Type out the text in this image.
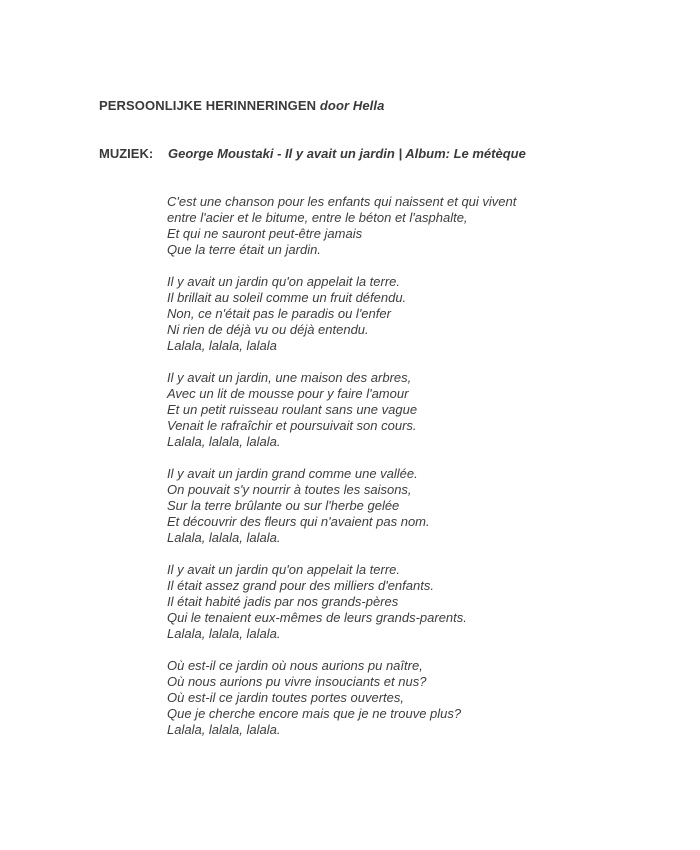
PERSOONLIJKE HERINNERINGEN door Hella
MUZIEK: George Moustaki - Il y avait un jardin | Album: Le métèque
C'est une chanson pour les enfants qui naissent et qui vivent
entre l'acier et le bitume, entre le béton et l'asphalte,
Et qui ne sauront peut-être jamais
Que la terre était un jardin.
Il y avait un jardin qu'on appelait la terre.
Il brillait au soleil comme un fruit défendu.
Non, ce n'était pas le paradis ou l'enfer
Ni rien de déjà vu ou déjà entendu.
Lalala, lalala, lalala
Il y avait un jardin, une maison des arbres,
Avec un lit de mousse pour y faire l'amour
Et un petit ruisseau roulant sans une vague
Venait le rafraîchir et poursuivait son cours.
Lalala, lalala, lalala.
Il y avait un jardin grand comme une vallée.
On pouvait s'y nourrir à toutes les saisons,
Sur la terre brûlante ou sur l'herbe gelée
Et découvrir des fleurs qui n'avaient pas nom.
Lalala, lalala, lalala.
Il y avait un jardin qu'on appelait la terre.
Il était assez grand pour des milliers d'enfants.
Il était habité jadis par nos grands-pères
Qui le tenaient eux-mêmes de leurs grands-parents.
Lalala, lalala, lalala.
Où est-il ce jardin où nous aurions pu naître,
Où nous aurions pu vivre insouciants et nus?
Où est-il ce jardin toutes portes ouvertes,
Que je cherche encore mais que je ne trouve plus?
Lalala, lalala, lalala.
